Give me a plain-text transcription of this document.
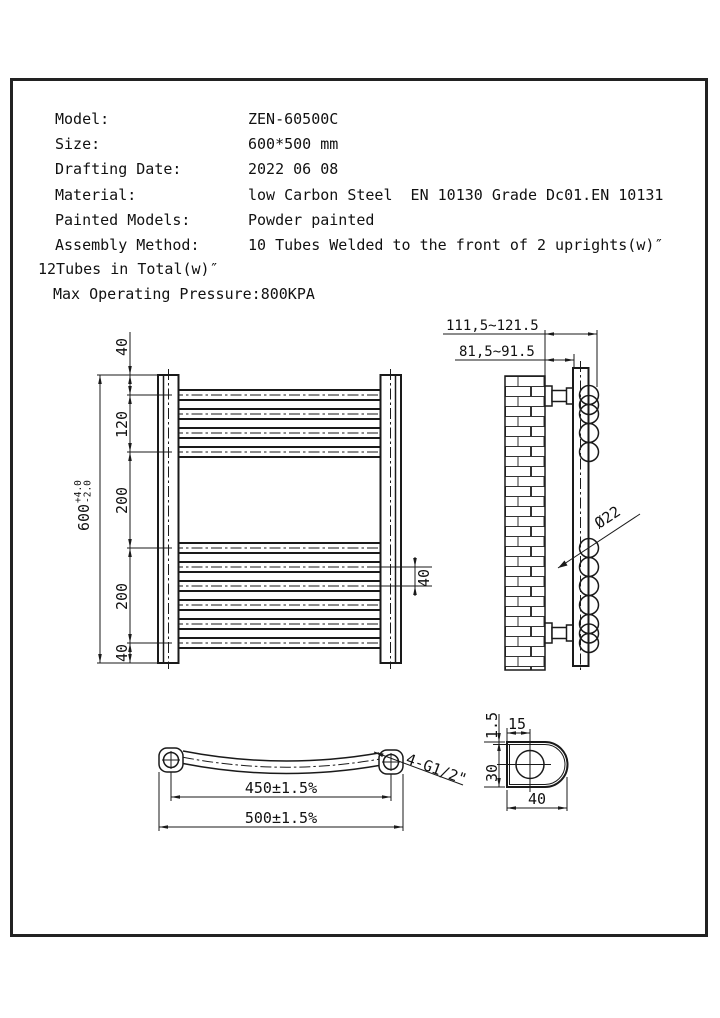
Model:	ZEN-60500C
Size:	600*500 mm
Drafting Date:	2022 06 08
Material:	low Carbon Steel  EN 10130 Grade Dc01.EN 10131
Painted Models:	Powder painted
Assembly Method:	10 Tubes Welded to the front of 2 uprights(w)″
12Tubes in Total(w)″
Max Operating Pressure: 800KPA
600
+4.0
-2.0
40
120
200
200
40
40
111,5~121.5
81,5~91.5
Ø22
450±1.5%
500±1.5%
4-G1/2"
15
1.5
30
40
